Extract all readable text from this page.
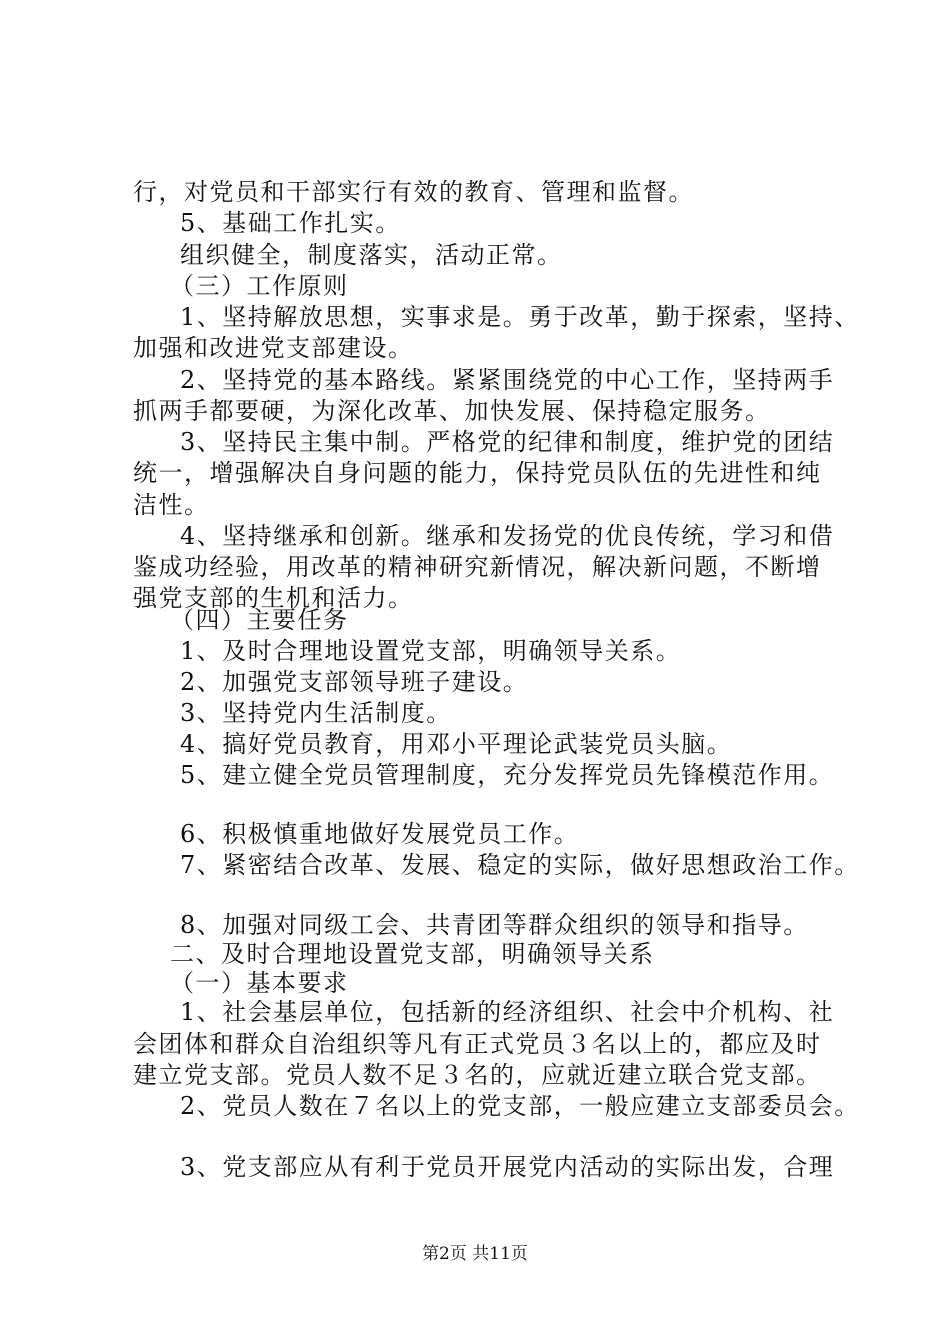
行，对党员和干部实行有效的教育、管理和监督。
5、基础工作扎实。
组织健全，制度落实，活动正常。
（三）工作原则
1、坚持解放思想，实事求是。勇于改革，勤于探索，坚持、
加强和改进党支部建设。
2、坚持党的基本路线。紧紧围绕党的中心工作，坚持两手
抓两手都要硬，为深化改革、加快发展、保持稳定服务。
3、坚持民主集中制。严格党的纪律和制度，维护党的团结
统一，增强解决自身问题的能力，保持党员队伍的先进性和纯
洁性。
4、坚持继承和创新。继承和发扬党的优良传统，学习和借
鉴成功经验，用改革的精神研究新情况，解决新问题，不断增
强党支部的生机和活力。
（四）主要任务
1、及时合理地设置党支部，明确领导关系。
2、加强党支部领导班子建设。
3、坚持党内生活制度。
4、搞好党员教育，用邓小平理论武装党员头脑。
5、建立健全党员管理制度，充分发挥党员先锋模范作用。
6、积极慎重地做好发展党员工作。
7、紧密结合改革、发展、稳定的实际，做好思想政治工作。
8、加强对同级工会、共青团等群众组织的领导和指导。
二、及时合理地设置党支部，明确领导关系
（一）基本要求
1、社会基层单位，包括新的经济组织、社会中介机构、社
会团体和群众自治组织等凡有正式党员３名以上的，都应及时
建立党支部。党员人数不足３名的，应就近建立联合党支部。
2、党员人数在７名以上的党支部，一般应建立支部委员会。
3、党支部应从有利于党员开展党内活动的实际出发，合理
第2页 共11页
